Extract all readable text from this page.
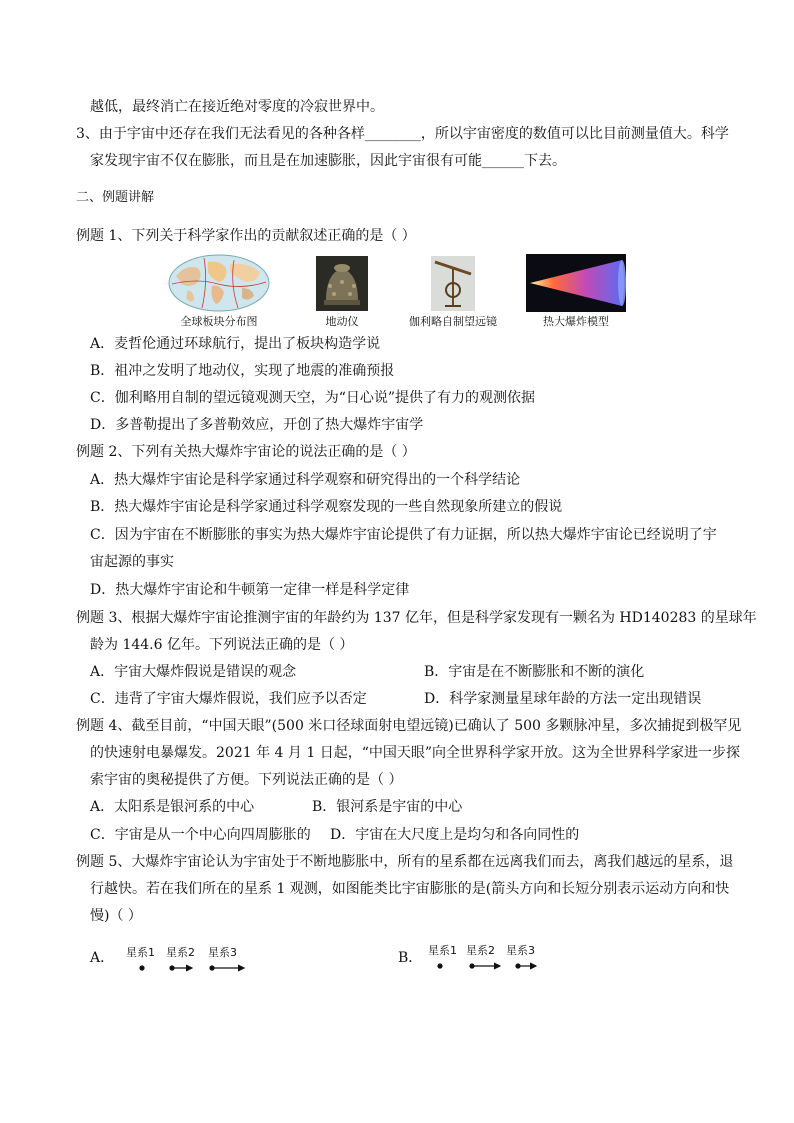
越低，最终消亡在接近绝对零度的冷寂世界中。
3、由于宇宙中还存在我们无法看见的各种各样________，所以宇宙密度的数值可以比目前测量值大。科学
家发现宇宙不仅在膨胀，而且是在加速膨胀，因此宇宙很有可能______下去。
二、例题讲解
例题 1、下列关于科学家作出的贡献叙述正确的是（ ）
全球板块分布图	地动仪	伽利略自制望远镜	热大爆炸模型
A．麦哲伦通过环球航行，提出了板块构造学说
B．祖冲之发明了地动仪，实现了地震的准确预报
C．伽利略用自制的望远镜观测天空，为“日心说”提供了有力的观测依据
D．多普勒提出了多普勒效应，开创了热大爆炸宇宙学
例题 2、下列有关热大爆炸宇宙论的说法正确的是（ ）
A．热大爆炸宇宙论是科学家通过科学观察和研究得出的一个科学结论
B．热大爆炸宇宙论是科学家通过科学观察发现的一些自然现象所建立的假说
C．因为宇宙在不断膨胀的事实为热大爆炸宇宙论提供了有力证据，所以热大爆炸宇宙论已经说明了宇
宙起源的事实
D．热大爆炸宇宙论和牛顿第一定律一样是科学定律
例题 3、根据大爆炸宇宙论推测宇宙的年龄约为 137 亿年，但是科学家发现有一颗名为 HD140283 的星球年
龄为 144.6 亿年。下列说法正确的是（ ）
A．宇宙大爆炸假说是错误的观念	B．宇宙是在不断膨胀和不断的演化
C．违背了宇宙大爆炸假说，我们应予以否定	D．科学家测量星球年龄的方法一定出现错误
例题 4、截至目前，“中国天眼”(500 米口径球面射电望远镜)已确认了 500 多颗脉冲星，多次捕捉到极罕见
的快速射电暴爆发。2021 年 4 月 1 日起，“中国天眼”向全世界科学家开放。这为全世界科学家进一步探
索宇宙的奥秘提供了方便。下列说法正确的是（ ）
A．太阳系是银河系的中心	B．银河系是宇宙的中心
C．宇宙是从一个中心向四周膨胀的 D．宇宙在大尺度上是均匀和各向同性的
例题 5、大爆炸宇宙论认为宇宙处于不断地膨胀中，所有的星系都在远离我们而去，离我们越远的星系，退
行越快。若在我们所在的星系 1 观测，如图能类比宇宙膨胀的是(箭头方向和长短分别表示运动方向和快
慢)（ ）
A． 星系1 星系2 星系3	B． 星系1 星系2 星系3
